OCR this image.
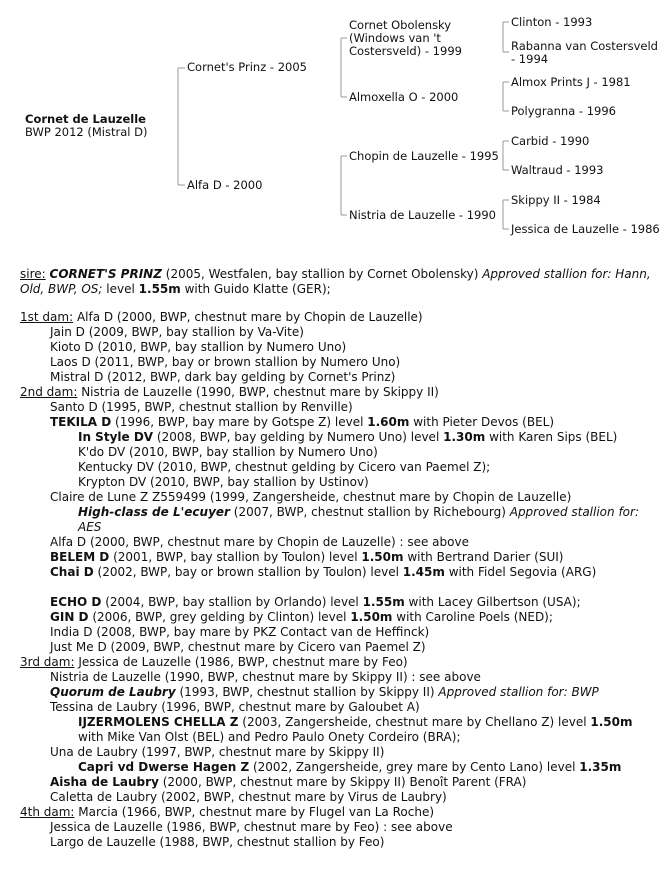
Cornet de Lauzelle
BWP 2012 (Mistral D)
Cornet's Prinz - 2005
Alfa D - 2000
Cornet Obolensky (Windows van 't Costersveld) - 1999
Almoxella O - 2000
Chopin de Lauzelle - 1995
Nistria de Lauzelle - 1990
Clinton - 1993
Rabanna van Costersveld - 1994
Almox Prints J - 1981
Polygranna - 1996
Carbid - 1990
Waltraud - 1993
Skippy II - 1984
Jessica de Lauzelle - 1986
sire: CORNET'S PRINZ (2005, Westfalen, bay stallion by Cornet Obolensky) Approved stallion for: Hann, Old, BWP, OS; level 1.55m with Guido Klatte (GER);
1st dam: Alfa D (2000, BWP, chestnut mare by Chopin de Lauzelle)
Jain D (2009, BWP, bay stallion by Va-Vite)
Kioto D (2010, BWP, bay stallion by Numero Uno)
Laos D (2011, BWP, bay or brown stallion by Numero Uno)
Mistral D (2012, BWP, dark bay gelding by Cornet's Prinz)
2nd dam: Nistria de Lauzelle (1990, BWP, chestnut mare by Skippy II)
Santo D (1995, BWP, chestnut stallion by Renville)
TEKILA D (1996, BWP, bay mare by Gotspe Z) level 1.60m with Pieter Devos (BEL)
In Style DV (2008, BWP, bay gelding by Numero Uno) level 1.30m with Karen Sips (BEL)
K'do DV (2010, BWP, bay stallion by Numero Uno)
Kentucky DV (2010, BWP, chestnut gelding by Cicero van Paemel Z);
Krypton DV (2010, BWP, bay stallion by Ustinov)
Claire de Lune Z Z559499 (1999, Zangersheide, chestnut mare by Chopin de Lauzelle)
High-class de L'ecuyer (2007, BWP, chestnut stallion by Richebourg) Approved stallion for: AES
Alfa D (2000, BWP, chestnut mare by Chopin de Lauzelle) : see above
BELEM D (2001, BWP, bay stallion by Toulon) level 1.50m with Bertrand Darier (SUI)
Chai D (2002, BWP, bay or brown stallion by Toulon) level 1.45m with Fidel Segovia (ARG)
ECHO D (2004, BWP, bay stallion by Orlando) level 1.55m with Lacey Gilbertson (USA);
GIN D (2006, BWP, grey gelding by Clinton) level 1.50m with Caroline Poels (NED);
India D (2008, BWP, bay mare by PKZ Contact van de Heffinck)
Just Me D (2009, BWP, chestnut mare by Cicero van Paemel Z)
3rd dam: Jessica de Lauzelle (1986, BWP, chestnut mare by Feo)
Nistria de Lauzelle (1990, BWP, chestnut mare by Skippy II) : see above
Quorum de Laubry (1993, BWP, chestnut stallion by Skippy II) Approved stallion for: BWP
Tessina de Laubry (1996, BWP, chestnut mare by Galoubet A)
IJZERMOLENS CHELLA Z (2003, Zangersheide, chestnut mare by Chellano Z) level 1.50m
with Mike Van Olst (BEL) and Pedro Paulo Onety Cordeiro (BRA);
Una de Laubry (1997, BWP, chestnut mare by Skippy II)
Capri vd Dwerse Hagen Z (2002, Zangersheide, grey mare by Cento Lano) level 1.35m
Aisha de Laubry (2000, BWP, chestnut mare by Skippy II) Benoît Parent (FRA)
Caletta de Laubry (2002, BWP, chestnut mare by Virus de Laubry)
4th dam: Marcia (1966, BWP, chestnut mare by Flugel van La Roche)
Jessica de Lauzelle (1986, BWP, chestnut mare by Feo) : see above
Largo de Lauzelle (1988, BWP, chestnut stallion by Feo)
